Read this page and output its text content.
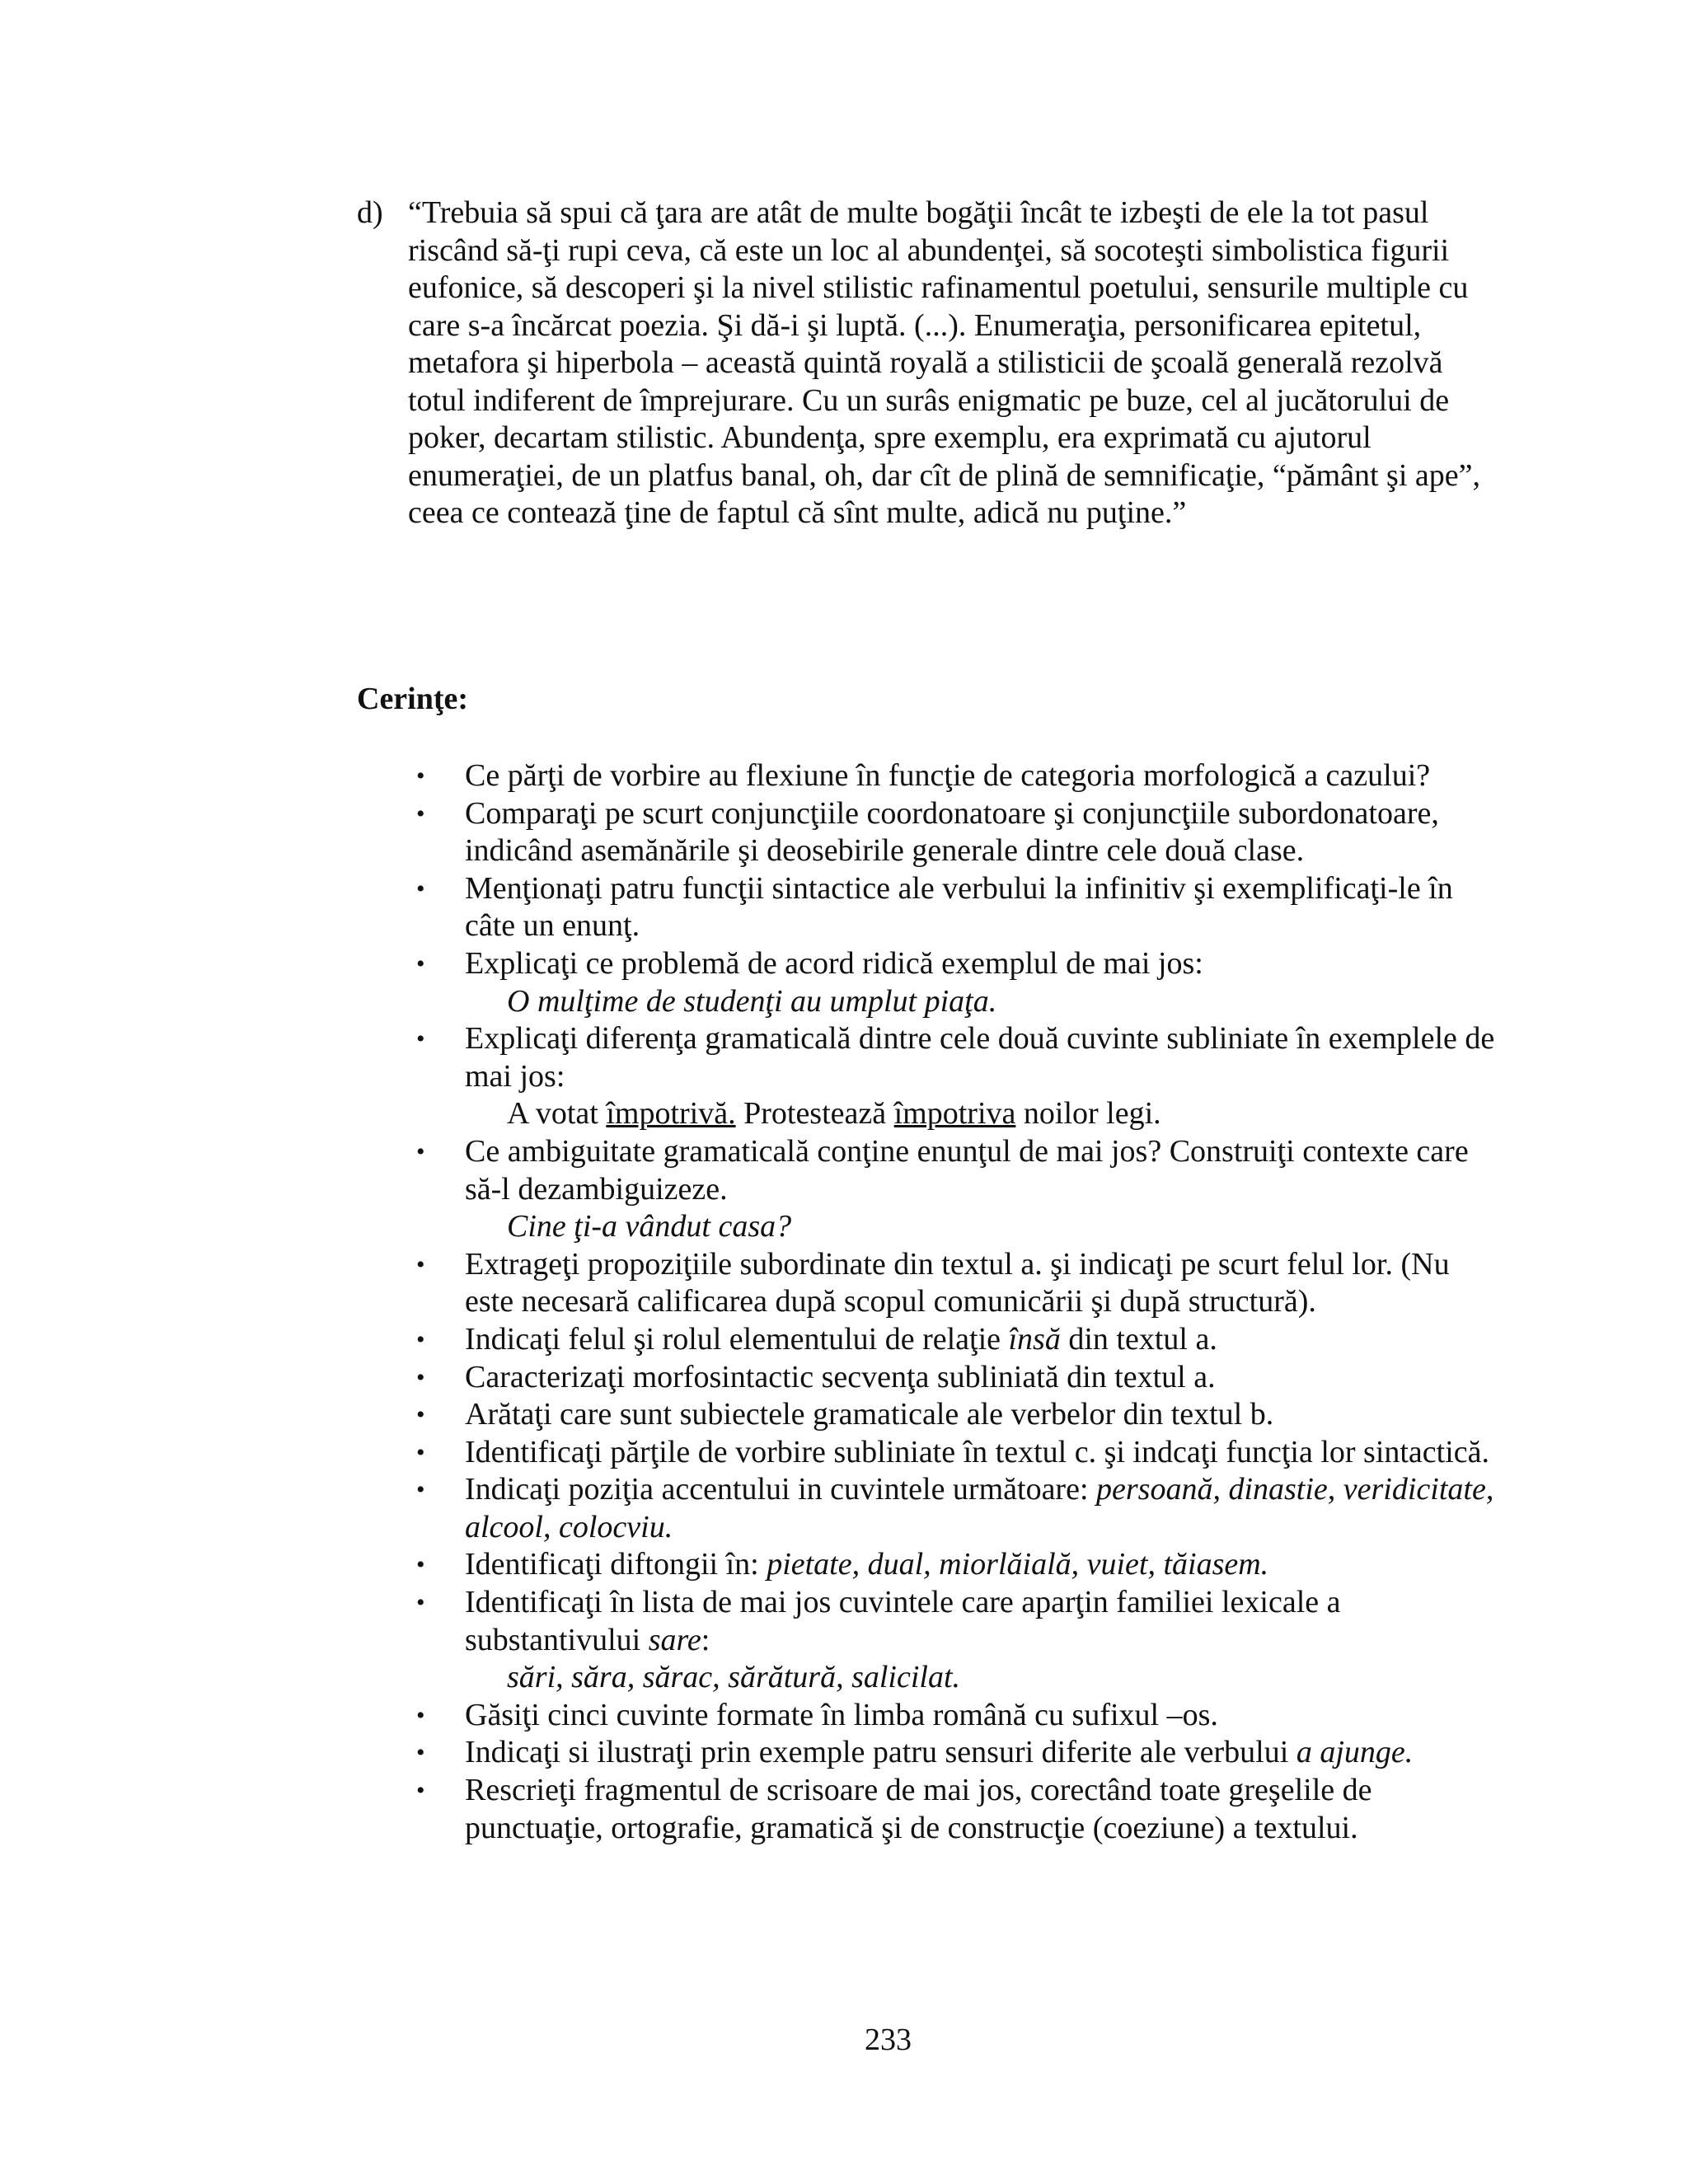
d) “Trebuia să spui că ţara are atât de multe bogăţii încât te izbeşti de ele la tot pasul riscând să-ţi rupi ceva, că este un loc al abundenţei, să socoteşti simbolistica figurii eufonice, să descoperi şi la nivel stilistic rafinamentul poetului, sensurile multiple cu care s-a încărcat poezia. Şi dă-i şi luptă. (...). Enumeraţia, personificarea epitetul, metafora şi hiperbola – această quintă royală a stilisticii de şcoală generală rezolvă totul indiferent de împrejurare. Cu un surâs enigmatic pe buze, cel al jucătorului de poker, decartam stilistic. Abundenţa, spre exemplu, era exprimată cu ajutorul enumeraţiei, de un platfus banal, oh, dar cît de plină de semnificaţie, “pământ şi ape”, ceea ce contează ţine de faptul că sînt multe, adică nu puţine.”
Cerinţe:
• Ce părţi de vorbire au flexiune în funcţie de categoria morfologică a cazului?
• Comparaţi pe scurt conjuncţiile coordonatoare şi conjuncţiile subordonatoare, indicând asemănările şi deosebirile generale dintre cele două clase.
• Menţionaţi patru funcţii sintactice ale verbului la infinitiv şi exemplificaţi-le în câte un enunţ.
• Explicaţi ce problemă de acord ridică exemplul de mai jos:
O mulţime de studenţi au umplut piaţa.
• Explicaţi diferenţa gramaticală dintre cele două cuvinte subliniate în exemplele de mai jos:
A votat împotrivă. Protestează împotriva noilor legi.
• Ce ambiguitate gramaticală conţine enunţul de mai jos? Construiţi contexte care să-l dezambiguizeze.
Cine ţi-a vândut casa?
• Extrageţi propoziţiile subordinate din textul a. şi indicaţi pe scurt felul lor. (Nu este necesară calificarea după scopul comunicării şi după structură).
• Indicaţi felul şi rolul elementului de relaţie însă din textul a.
• Caracterizaţi morfosintactic secvenţa subliniată din textul a.
• Arătaţi care sunt subiectele gramaticale ale verbelor din textul b.
• Identificaţi părţile de vorbire subliniate în textul c. şi indcaţi funcţia lor sintactică.
• Indicaţi poziţia accentului in cuvintele următoare: persoană, dinastie, veridicitate, alcool, colocviu.
• Identificaţi diftongii în: pietate, dual, miorlăială, vuiet, tăiasem.
• Identificaţi în lista de mai jos cuvintele care aparţin familiei lexicale a substantivului sare:
sări, săra, sărac, sărătură, salicilat.
• Găsiţi cinci cuvinte formate în limba română cu sufixul –os.
• Indicaţi si ilustraţi prin exemple patru sensuri diferite ale verbului a ajunge.
• Rescrieţi fragmentul de scrisoare de mai jos, corectând toate greşelile de punctuaţie, ortografie, gramatică şi de construcţie (coeziune) a textului.
233
